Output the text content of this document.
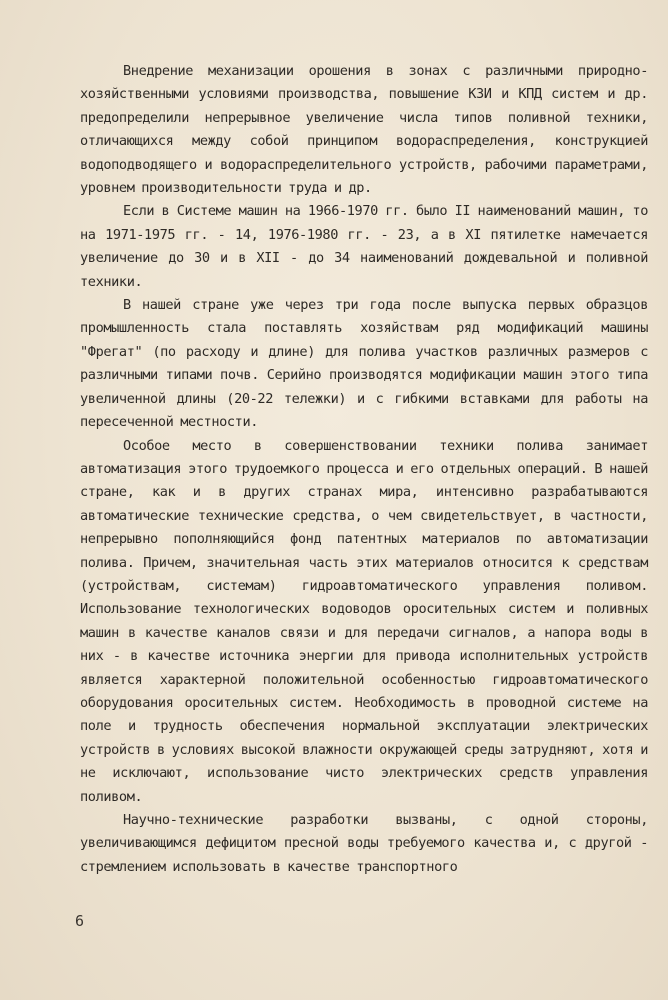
Внедрение механизации орошения в зонах с различными природно-хозяйственными условиями производства, повышение КЗИ и КПД систем и др. предопределили непрерывное увеличение числа типов поливной техники, отличающихся между собой принципом водораспределения, конструкцией водоподводящего и водораспределительного устройств, рабочими параметрами, уровнем производительности труда и др.

Если в Системе машин на 1966-1970 гг. было II наименований машин, то на 1971-1975 гг. - 14, 1976-1980 гг. - 23, а в XI пятилетке намечается увеличение до 30 и в XII - до 34 наименований дождевальной и поливной техники.

В нашей стране уже через три года после выпуска первых образцов промышленность стала поставлять хозяйствам ряд модификаций машины "Фрегат" (по расходу и длине) для полива участков различных размеров с различными типами почв. Серийно производятся модификации машин этого типа увеличенной длины (20-22 тележки) и с гибкими вставками для работы на пересеченной местности.

Особое место в совершенствовании техники полива занимает автоматизация этого трудоемкого процесса и его отдельных операций. В нашей стране, как и в других странах мира, интенсивно разрабатываются автоматические технические средства, о чем свидетельствует, в частности, непрерывно пополняющийся фонд патентных материалов по автоматизации полива. Причем, значительная часть этих материалов относится к средствам (устройствам, системам) гидроавтоматического управления поливом. Использование технологических водоводов оросительных систем и поливных машин в качестве каналов связи и для передачи сигналов, а напора воды в них - в качестве источника энергии для привода исполнительных устройств является характерной положительной особенностью гидроавтоматического оборудования оросительных систем. Необходимость в проводной системе на поле и трудность обеспечения нормальной эксплуатации электрических устройств в условиях высокой влажности окружающей среды затрудняют, хотя и не исключают, использование чисто электрических средств управления поливом.

Научно-технические разработки вызваны, с одной стороны, увеличивающимся дефицитом пресной воды требуемого качества и, с другой - стремлением использовать в качестве транспортного

6
